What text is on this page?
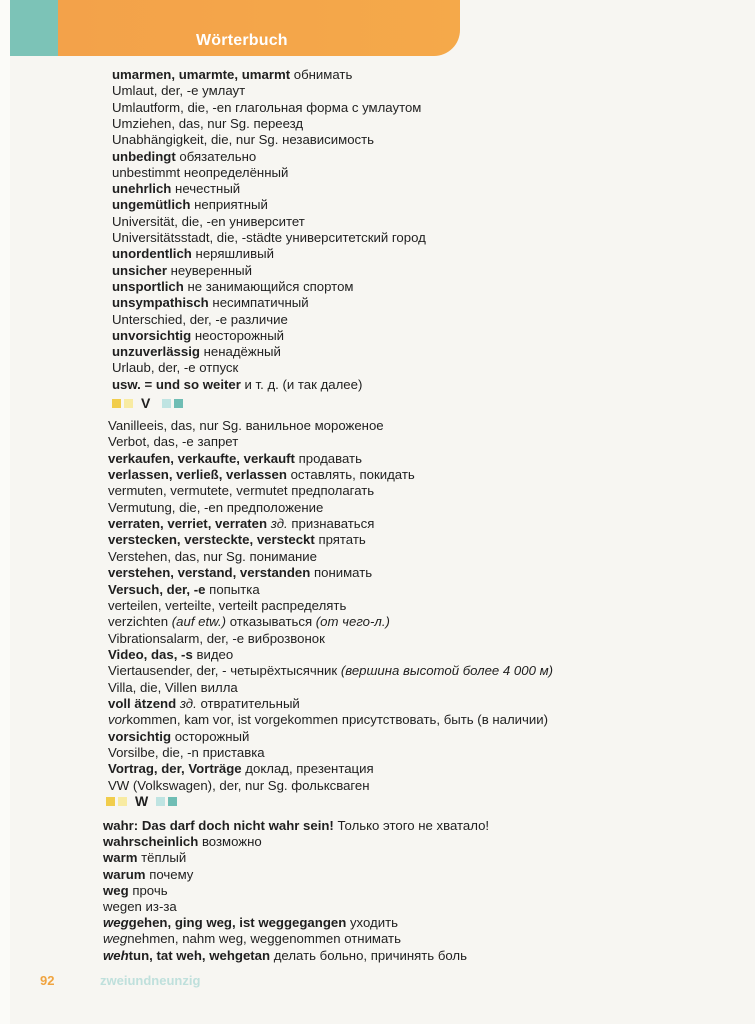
Wörterbuch
umarmen, umarmte, umarmt обнимать
Umlaut, der, -e умлаут
Umlautform, die, -en глагольная форма с умлаутом
Umziehen, das, nur Sg. переезд
Unabhängigkeit, die, nur Sg. независимость
unbedingt обязательно
unbestimmt неопределённый
unehrlich нечестный
ungemütlich неприятный
Universität, die, -en университет
Universitätsstadt, die, -städte университетский город
unordentlich неряшливый
unsicher неуверенный
unsportlich не занимающийся спортом
unsympathisch несимпатичный
Unterschied, der, -e различие
unvorsichtig неосторожный
unzuverlässig ненадёжный
Urlaub, der, -e отпуск
usw. = und so weiter и т. д. (и так далее)
V
Vanilleeis, das, nur Sg. ванильное мороженое
Verbot, das, -e запрет
verkaufen, verkaufte, verkauft продавать
verlassen, verließ, verlassen оставлять, покидать
vermuten, vermutete, vermutet предполагать
Vermutung, die, -en предположение
verraten, verriet, verraten зд. признаваться
verstecken, versteckte, versteckt прятать
Verstehen, das, nur Sg. понимание
verstehen, verstand, verstanden понимать
Versuch, der, -e попытка
verteilen, verteilte, verteilt распределять
verzichten (auf etw.) отказываться (от чего-л.)
Vibrationsalarm, der, -e виброзвонок
Video, das, -s видео
Viertausender, der, - четырёхтысячник (вершина высотой более 4 000 м)
Villa, die, Villen вилла
voll ätzend зд. отвратительный
vorkommen, kam vor, ist vorgekommen присутствовать, быть (в наличии)
vorsichtig осторожный
Vorsilbe, die, -n приставка
Vortrag, der, Vorträge доклад, презентация
VW (Volkswagen), der, nur Sg. фольксваген
W
wahr: Das darf doch nicht wahr sein! Только этого не хватало!
wahrscheinlich возможно
warm тёплый
warum почему
weg прочь
wegen из-за
weggehen, ging weg, ist weggegangen уходить
wegnehmen, nahm weg, weggenommen отнимать
wehtun, tat weh, wehgetan делать больно, причинять боль
92	zweiundneunzig
